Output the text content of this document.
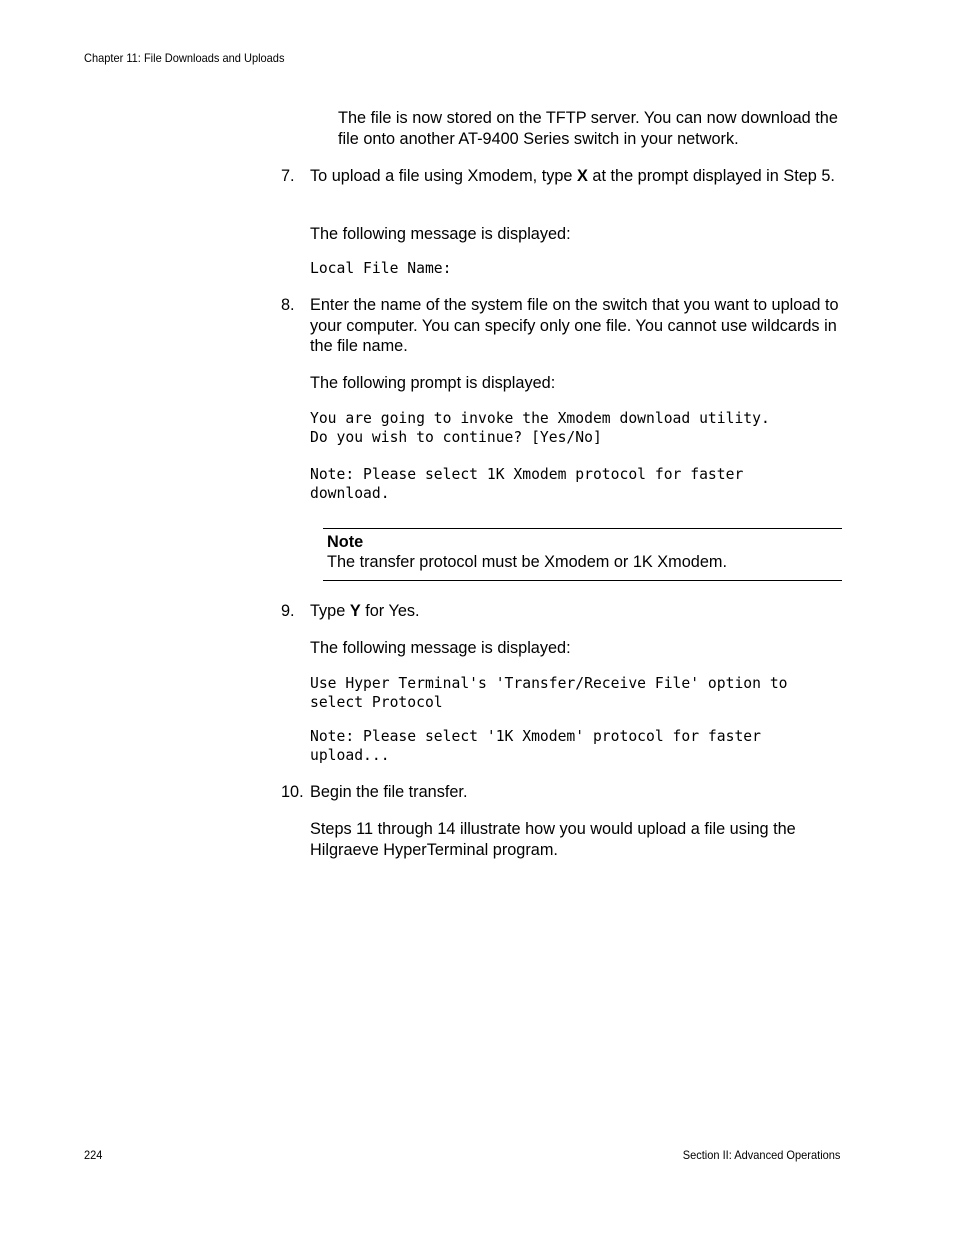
Chapter 11: File Downloads and Uploads

The file is now stored on the TFTP server. You can now download the file onto another AT-9400 Series switch in your network.

7. To upload a file using Xmodem, type X at the prompt displayed in Step 5.

The following message is displayed:

Local File Name:
8. Enter the name of the system file on the switch that you want to upload to your computer. You can specify only one file. You cannot use wildcards in the file name.

The following prompt is displayed:

You are going to invoke the Xmodem download utility.
Do you wish to continue? [Yes/No]
Note: Please select 1K Xmodem protocol for faster
download.
Note
The transfer protocol must be Xmodem or 1K Xmodem.
9. Type Y for Yes.

The following message is displayed:

Use Hyper Terminal's 'Transfer/Receive File' option to
select Protocol
Note: Please select '1K Xmodem' protocol for faster
upload...
10. Begin the file transfer.

Steps 11 through 14 illustrate how you would upload a file using the Hilgraeve HyperTerminal program.

224	Section II: Advanced Operations
